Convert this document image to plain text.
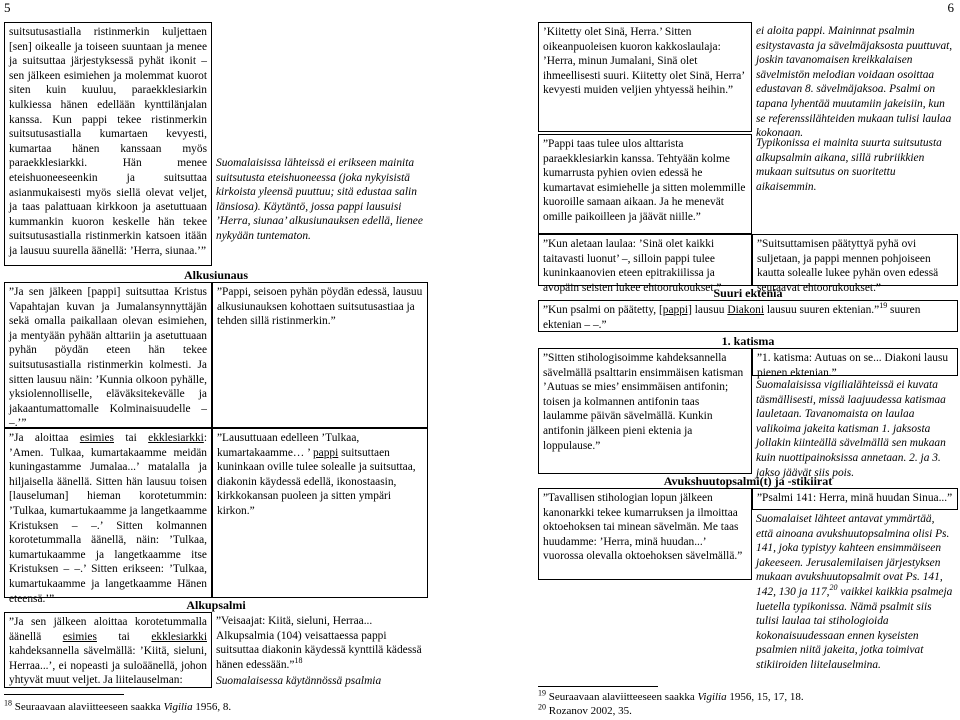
5	6
suitsutusastialla ristinmerkin kuljettaen [sen] oikealle ja toiseen suuntaan ja menee ja suitsuttaa järjestyksessä pyhät ikonit – sen jälkeen esimiehen ja molemmat kuorot siten kuin kuuluu, paraekklesiarkin kulkiessa hänen edellään kynttilänjalan kanssa. Kun pappi tekee ristinmerkin suitsutusastialla kumartaen kevyesti, kumartaa hänen kanssaan myös paraekklesiarkki. Hän menee eteishuoneeseenkin ja suitsuttaa asianmukaisesti myös siellä olevat veljet, ja taas palattuaan kirkkoon ja asetuttuaan kummankin kuoron keskelle hän tekee suitsutusastialla ristinmerkin katsoen itään ja lausuu suurella äänellä: ’Herra, siunaa.’”
Suomalaisissa lähteissä ei erikseen mainita suitsutusta eteishuoneessa (joka nykyisistä kirkoista yleensä puuttuu; sitä edustaa salin länsiosa). Käytäntö, jossa pappi lausuisi ’Herra, siunaa’ alkusiunauksen edellä, lienee nykyään tuntematon.
Alkusiunaus
”Ja sen jälkeen [pappi] suitsuttaa Kristus Vapahtajan kuvan ja Jumalansynnyttäjän sekä omalla paikallaan olevan esimiehen, ja mentyään pyhään alttariin ja asetuttuaan pyhän pöydän eteen hän tekee suitsutusastialla ristinmerkin kolmesti. Ja sitten lausuu näin: ’Kunnia olkoon pyhälle, yksiolennolliselle, eläväksitekevälle ja jakaantumattomalle Kolminaisuudelle – –.’”
”Pappi, seisoen pyhän pöydän edessä, lausuu alkusiunauksen kohottaen suitsutusastiaa ja tehden sillä ristinmerkin.”
”Ja aloittaa esimies tai ekklesiarkki: ’Amen. Tulkaa, kumartakaamme meidän kuningastamme Jumalaa...’ matalalla ja hiljaisella äänellä. Sitten hän lausuu toisen [lauseluman] hieman korotetummin: ’Tulkaa, kumartukaamme ja langetkaamme Kristuksen – –.’ Sitten kolmannen korotetummalla äänellä, näin: ’Tulkaa, kumartukaamme ja langetkaamme itse Kristuksen – –.’ Sitten erikseen: ’Tulkaa, kumartukaamme ja langetkaamme Hänen eteensä.’”
”Lausuttuaan edelleen ’Tulkaa, kumartakaamme… ’ pappi suitsuttaen kuninkaan oville tulee solealle ja suitsuttaa, diakonin käydessä edellä, ikonostaasin, kirkkokansan puoleen ja sitten ympäri kirkon.”
Alkupsalmi
”Ja sen jälkeen aloittaa korotetummalla äänellä esimies tai ekklesiarkki kahdeksannella sävelmällä: ’Kiitä, sieluni, Herraa...’, ei nopeasti ja suloäänellä, johon yhtyvät muut veljet. Ja liitelauselman:
”Veisaajat: Kiitä, sieluni, Herraa... Alkupsalmia (104) veisattaessa pappi suitsuttaa diakonin käydessä kynttilä kädessä hänen edessään.”$^{18}$
Suomalaisessa käytännössä psalmia
$^{18}$ Seuraavaan alaviitteeseen saakka Vigilia 1956, 8.
’Kiitetty olet Sinä, Herra.’ Sitten oikeanpuoleisen kuoron kakkoslaulaja: ’Herra, minun Jumalani, Sinä olet ihmeellisesti suuri. Kiitetty olet Sinä, Herra’ kevyesti muiden veljien yhtyessä heihin.”
ei aloita pappi. Maininnat psalmin esitystavasta ja sävelmäjaksosta puuttuvat, joskin tavanomaisen kreikkalaisen sävelmistön melodian voidaan osoittaa edustavan 8. sävelmäjaksoa. Psalmi on tapana lyhentää muutamiin jakeisiin, kun se referenssilähteiden mukaan tulisi laulaa kokonaan.
”Pappi taas tulee ulos alttarista paraekklesiarkin kanssa. Tehtyään kolme kumarrusta pyhien ovien edessä he kumartavat esimiehelle ja sitten molemmille kuoroille samaan aikaan. Ja he menevät omille paikoilleen ja jäävät niille.”
Typikonissa ei mainita suurta suitsutusta alkupsalmin aikana, sillä rubriikkien mukaan suitsutus on suoritettu aikaisemmin.
”Kun aletaan laulaa: ’Sinä olet kaikki taitavasti luonut’ –, silloin pappi tulee kuninkaanovien eteen epitrakiilissa ja avopäin seisten lukee ehtoorukoukset.”
”Suitsuttamisen päätyttyä pyhä ovi suljetaan, ja pappi mennen pohjoiseen kautta solealle lukee pyhän oven edessä seuraavat ehtoorukoukset.”
Suuri ektenia
”Kun psalmi on päätetty, [pappi] lausuu Diakoni lausuu suuren ektenian.”$^{19}$ suuren ektenian – –.”
1. katisma
”Sitten stihologisoimme kahdeksannella sävelmällä psalttarin ensimmäisen katisman ’Autuas se mies’ ensimmäisen antifonin; toisen ja kolmannen antifonin taas laulamme päivän sävelmällä. Kunkin antifonin jälkeen pieni ektenia ja loppulause.”
”1. katisma: Autuas on se... Diakoni lausu pienen ektenian.”
Suomalaisissa vigilialähteissä ei kuvata täsmällisesti, missä laajuudessa katismaa lauletaan. Tavanomaista on laulaa valikoima jakeita katisman 1. jaksosta jollakin kiinteällä sävelmällä sen mukaan kuin nuottipainoksissa annetaan. 2. ja 3. jakso jäävät siis pois.
Avukshuutopsalmi(t) ja -stikiirat
”Tavallisen stihologian lopun jälkeen kanonarkki tekee kumarruksen ja ilmoittaa oktoehoksen tai minean sävelmän. Me taas huudamme: ’Herra, minä huudan...’ vuorossa olevalla oktoehoksen sävelmällä.”
”Psalmi 141: Herra, minä huudan Sinua...”
Suomalaiset lähteet antavat ymmärtää, että ainoana avukshuutopsalmina olisi Ps. 141, joka typistyy kahteen ensimmäiseen jakeeseen. Jerusalemilaisen järjestyksen mukaan avukshuutopsalmit ovat Ps. 141, 142, 130 ja 117,20 vaikkei kaikkia psalmeja luetella typikonissa. Nämä psalmit siis tulisi laulaa tai stihologioida kokonaisuudessaan ennen kyseisten psalmien niitä jakeita, jotka toimivat stikiiroiden liitelauselmina.
$^{19}$ Seuraavaan alaviitteeseen saakka Vigilia 1956, 15, 17, 18.
$^{20}$ Rozanov 2002, 35.
